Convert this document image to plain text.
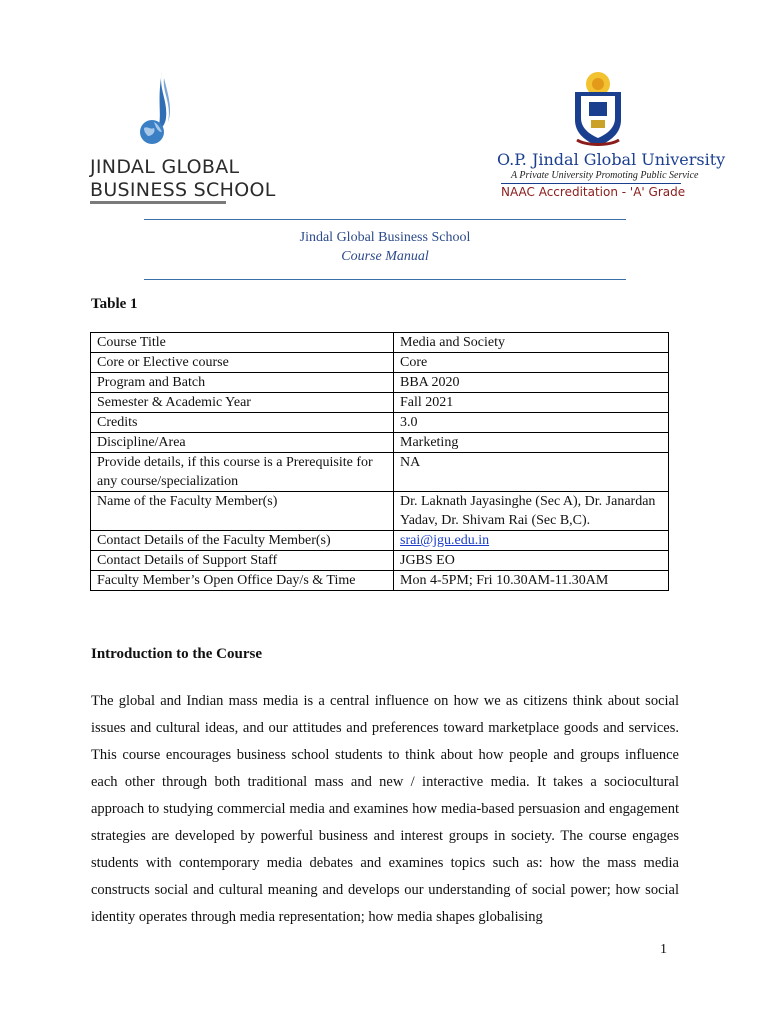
JINDAL GLOBAL
BUSINESS SCHOOL
O.P. Jindal Global University
A Private University Promoting Public Service
NAAC Accreditation - 'A' Grade
Jindal Global Business School
Course Manual
Table 1
Course Title	Media and Society
Core or Elective course	Core
Program and Batch	BBA 2020
Semester & Academic Year	Fall 2021
Credits	3.0
Discipline/Area	Marketing
Provide details, if this course is a Prerequisite for any course/specialization	NA
Name of the Faculty Member(s)	Dr. Laknath Jayasinghe (Sec A), Dr. Janardan Yadav, Dr. Shivam Rai (Sec B,C).
Contact Details of the Faculty Member(s)	srai@jgu.edu.in
Contact Details of Support Staff	JGBS EO
Faculty Member’s Open Office Day/s & Time	Mon 4-5PM; Fri 10.30AM-11.30AM
Introduction to the Course
The global and Indian mass media is a central influence on how we as citizens think about social issues and cultural ideas, and our attitudes and preferences toward marketplace goods and services. This course encourages business school students to think about how people and groups influence each other through both traditional mass and new / interactive media. It takes a sociocultural approach to studying commercial media and examines how media-based persuasion and engagement strategies are developed by powerful business and interest groups in society. The course engages students with contemporary media debates and examines topics such as: how the mass media constructs social and cultural meaning and develops our understanding of social power; how social identity operates through media representation; how media shapes globalising
1
